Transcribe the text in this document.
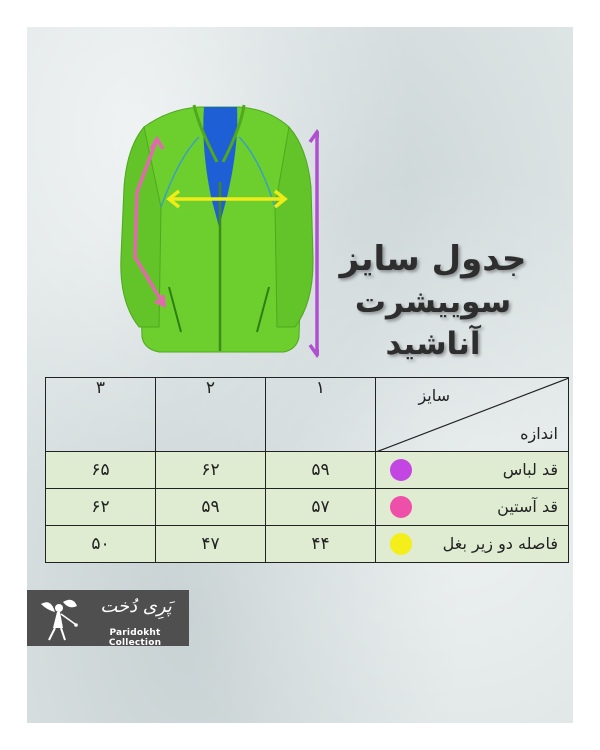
جدول سایز
سوییشرت آناشید
سایز
اندازه	۱	۲	۳
قد لباس	۵۹	۶۲	۶۵
قد آستین	۵۷	۵۹	۶۲
فاصله دو زیر بغل	۴۴	۴۷	۵۰
پَرِی دُخت
Paridokht Collection
